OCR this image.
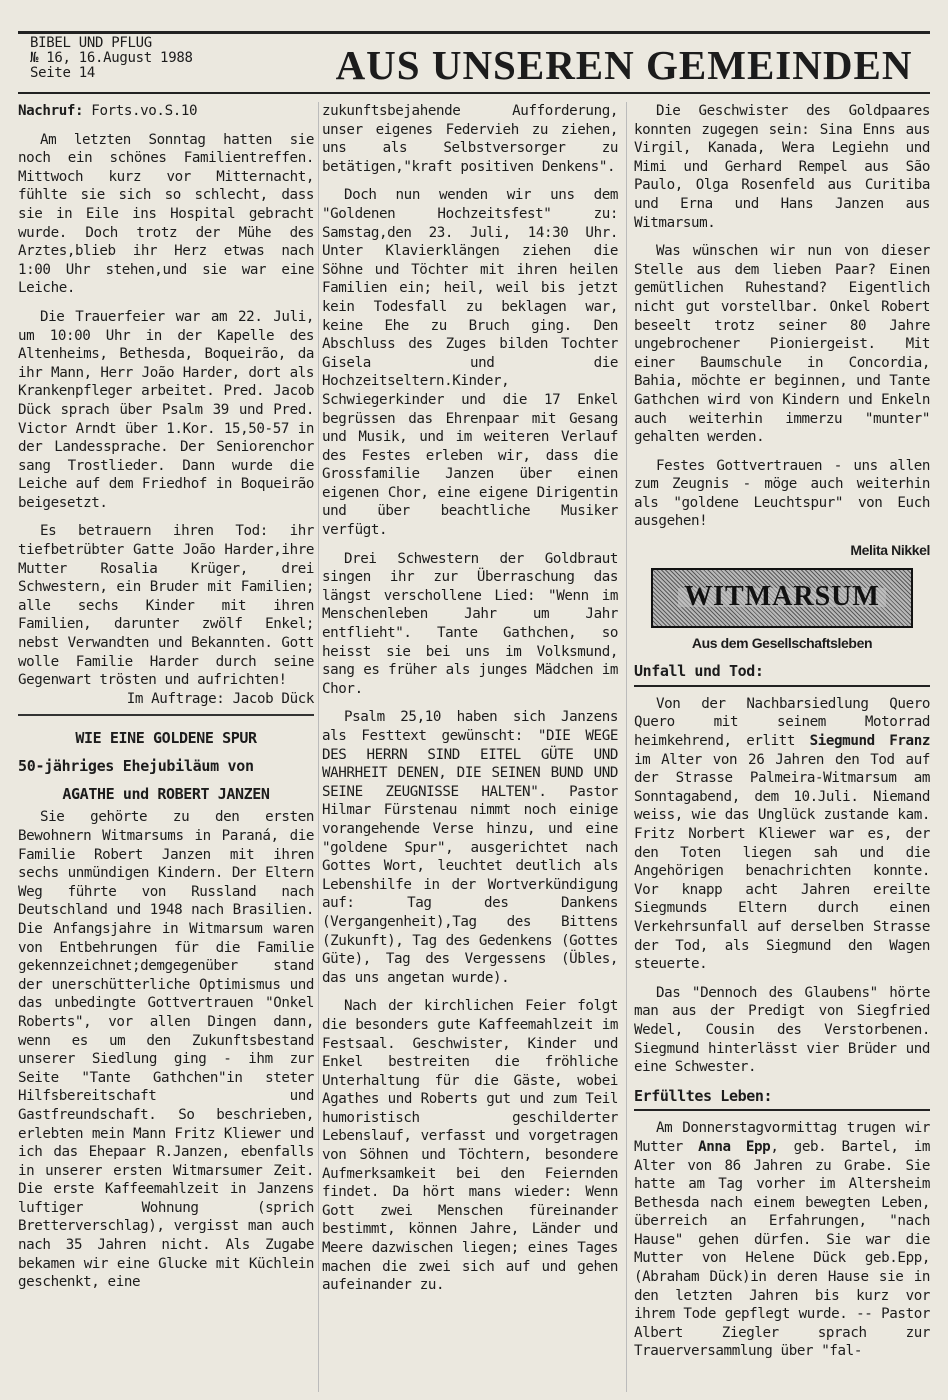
BIBEL UND PFLUG
№ 16, 16.August 1988
Seite 14	AUS UNSEREN GEMEINDEN

Nachruf: Forts.vo.S.10

Am letzten Sonntag hatten sie noch ein schönes Familientreffen. Mittwoch kurz vor Mitternacht, fühlte sie sich so schlecht, dass sie in Eile ins Hospital gebracht wurde. Doch trotz der Mühe des Arztes,blieb ihr Herz etwas nach 1:00 Uhr stehen,und sie war eine Leiche.

Die Trauerfeier war am 22. Juli, um 10:00 Uhr in der Kapelle des Altenheims, Bethesda, Boqueirão, da ihr Mann, Herr João Harder, dort als Krankenpfleger arbeitet. Pred. Jacob Dück sprach über Psalm 39 und Pred. Victor Arndt über 1.Kor. 15,50-57 in der Landessprache. Der Seniorenchor sang Trostlieder. Dann wurde die Leiche auf dem Friedhof in Boqueirão beigesetzt.

Es betrauern ihren Tod: ihr tiefbetrübter Gatte João Harder,ihre Mutter Rosalia Krüger, drei Schwestern, ein Bruder mit Familien; alle sechs Kinder mit ihren Familien, darunter zwölf Enkel; nebst Verwandten und Bekannten. Gott wolle Familie Harder durch seine Gegenwart trösten und aufrichten!

Im Auftrage: Jacob Dück

WIE EINE GOLDENE SPUR
50-jähriges Ehejubiläum von
AGATHE und ROBERT JANZEN

Sie gehörte zu den ersten Bewohnern Witmarsums in Paraná, die Familie Robert Janzen mit ihren sechs unmündigen Kindern. Der Eltern Weg führte von Russland nach Deutschland und 1948 nach Brasilien. Die Anfangsjahre in Witmarsum waren von Entbehrungen für die Familie gekennzeichnet;demgegenüber stand der unerschütterliche Optimismus und das unbedingte Gottvertrauen "Onkel Roberts", vor allen Dingen dann, wenn es um den Zukunftsbestand unserer Siedlung ging - ihm zur Seite "Tante Gathchen"in steter Hilfsbereitschaft und Gastfreundschaft. So beschrieben, erlebten mein Mann Fritz Kliewer und ich das Ehepaar R.Janzen, ebenfalls in unserer ersten Witmarsumer Zeit. Die erste Kaffeemahlzeit in Janzens luftiger Wohnung (sprich Bretterverschlag), vergisst man auch nach 35 Jahren nicht. Als Zugabe bekamen wir eine Glucke mit Küchlein geschenkt, eine

zukunftsbejahende Aufforderung, unser eigenes Federvieh zu ziehen, uns als Selbstversorger zu betätigen,"kraft positiven Denkens".

Doch nun wenden wir uns dem "Goldenen Hochzeitsfest" zu: Samstag,den 23. Juli, 14:30 Uhr. Unter Klavierklängen ziehen die Söhne und Töchter mit ihren heilen Familien ein; heil, weil bis jetzt kein Todesfall zu beklagen war, keine Ehe zu Bruch ging. Den Abschluss des Zuges bilden Tochter Gisela und die Hochzeitseltern.Kinder, Schwiegerkinder und die 17 Enkel begrüssen das Ehrenpaar mit Gesang und Musik, und im weiteren Verlauf des Festes erleben wir, dass die Grossfamilie Janzen über einen eigenen Chor, eine eigene Dirigentin und über beachtliche Musiker verfügt.

Drei Schwestern der Goldbraut singen ihr zur Überraschung das längst verschollene Lied: "Wenn im Menschenleben Jahr um Jahr entflieht". Tante Gathchen, so heisst sie bei uns im Volksmund, sang es früher als junges Mädchen im Chor.

Psalm 25,10 haben sich Janzens als Festtext gewünscht: "DIE WEGE DES HERRN SIND EITEL GÜTE UND WAHRHEIT DENEN, DIE SEINEN BUND UND SEINE ZEUGNISSE HALTEN". Pastor Hilmar Fürstenau nimmt noch einige vorangehende Verse hinzu, und eine "goldene Spur", ausgerichtet nach Gottes Wort, leuchtet deutlich als Lebenshilfe in der Wortverkündigung auf: Tag des Dankens (Vergangenheit),Tag des Bittens (Zukunft), Tag des Gedenkens (Gottes Güte), Tag des Vergessens (Übles, das uns angetan wurde).

Nach der kirchlichen Feier folgt die besonders gute Kaffeemahlzeit im Festsaal. Geschwister, Kinder und Enkel bestreiten die fröhliche Unterhaltung für die Gäste, wobei Agathes und Roberts gut und zum Teil humoristisch geschilderter Lebenslauf, verfasst und vorgetragen von Söhnen und Töchtern, besondere Aufmerksamkeit bei den Feiernden findet. Da hört mans wieder: Wenn Gott zwei Menschen füreinander bestimmt, können Jahre, Länder und Meere dazwischen liegen; eines Tages machen die zwei sich auf und gehen aufeinander zu.

Die Geschwister des Goldpaares konnten zugegen sein: Sina Enns aus Virgil, Kanada, Wera Legiehn und Mimi und Gerhard Rempel aus São Paulo, Olga Rosenfeld aus Curitiba und Erna und Hans Janzen aus Witmarsum.

Was wünschen wir nun von dieser Stelle aus dem lieben Paar? Einen gemütlichen Ruhestand? Eigentlich nicht gut vorstellbar. Onkel Robert beseelt trotz seiner 80 Jahre ungebrochener Pioniergeist. Mit einer Baumschule in Concordia, Bahia, möchte er beginnen, und Tante Gathchen wird von Kindern und Enkeln auch weiterhin immerzu "munter" gehalten werden.

Festes Gottvertrauen - uns allen zum Zeugnis - möge auch weiterhin als "goldene Leuchtspur" von Euch ausgehen!

Melita Nikkel
WITMARSUM
Aus dem Gesellschaftsleben
Unfall und Tod:

Von der Nachbarsiedlung Quero Quero mit seinem Motorrad heimkehrend, erlitt Siegmund Franz im Alter von 26 Jahren den Tod auf der Strasse Palmeira-Witmarsum am Sonntagabend, dem 10.Juli. Niemand weiss, wie das Unglück zustande kam. Fritz Norbert Kliewer war es, der den Toten liegen sah und die Angehörigen benachrichten konnte. Vor knapp acht Jahren ereilte Siegmunds Eltern durch einen Verkehrsunfall auf derselben Strasse der Tod, als Siegmund den Wagen steuerte.

Das "Dennoch des Glaubens" hörte man aus der Predigt von Siegfried Wedel, Cousin des Verstorbenen. Siegmund hinterlässt vier Brüder und eine Schwester.

Erfülltes Leben:

Am Donnerstagvormittag trugen wir Mutter Anna Epp, geb. Bartel, im Alter von 86 Jahren zu Grabe. Sie hatte am Tag vorher im Altersheim Bethesda nach einem bewegten Leben, überreich an Erfahrungen, "nach Hause" gehen dürfen. Sie war die Mutter von Helene Dück geb.Epp,(Abraham Dück)in deren Hause sie in den letzten Jahren bis kurz vor ihrem Tode gepflegt wurde. -- Pastor Albert Ziegler sprach zur Trauerversammlung über "fal-
